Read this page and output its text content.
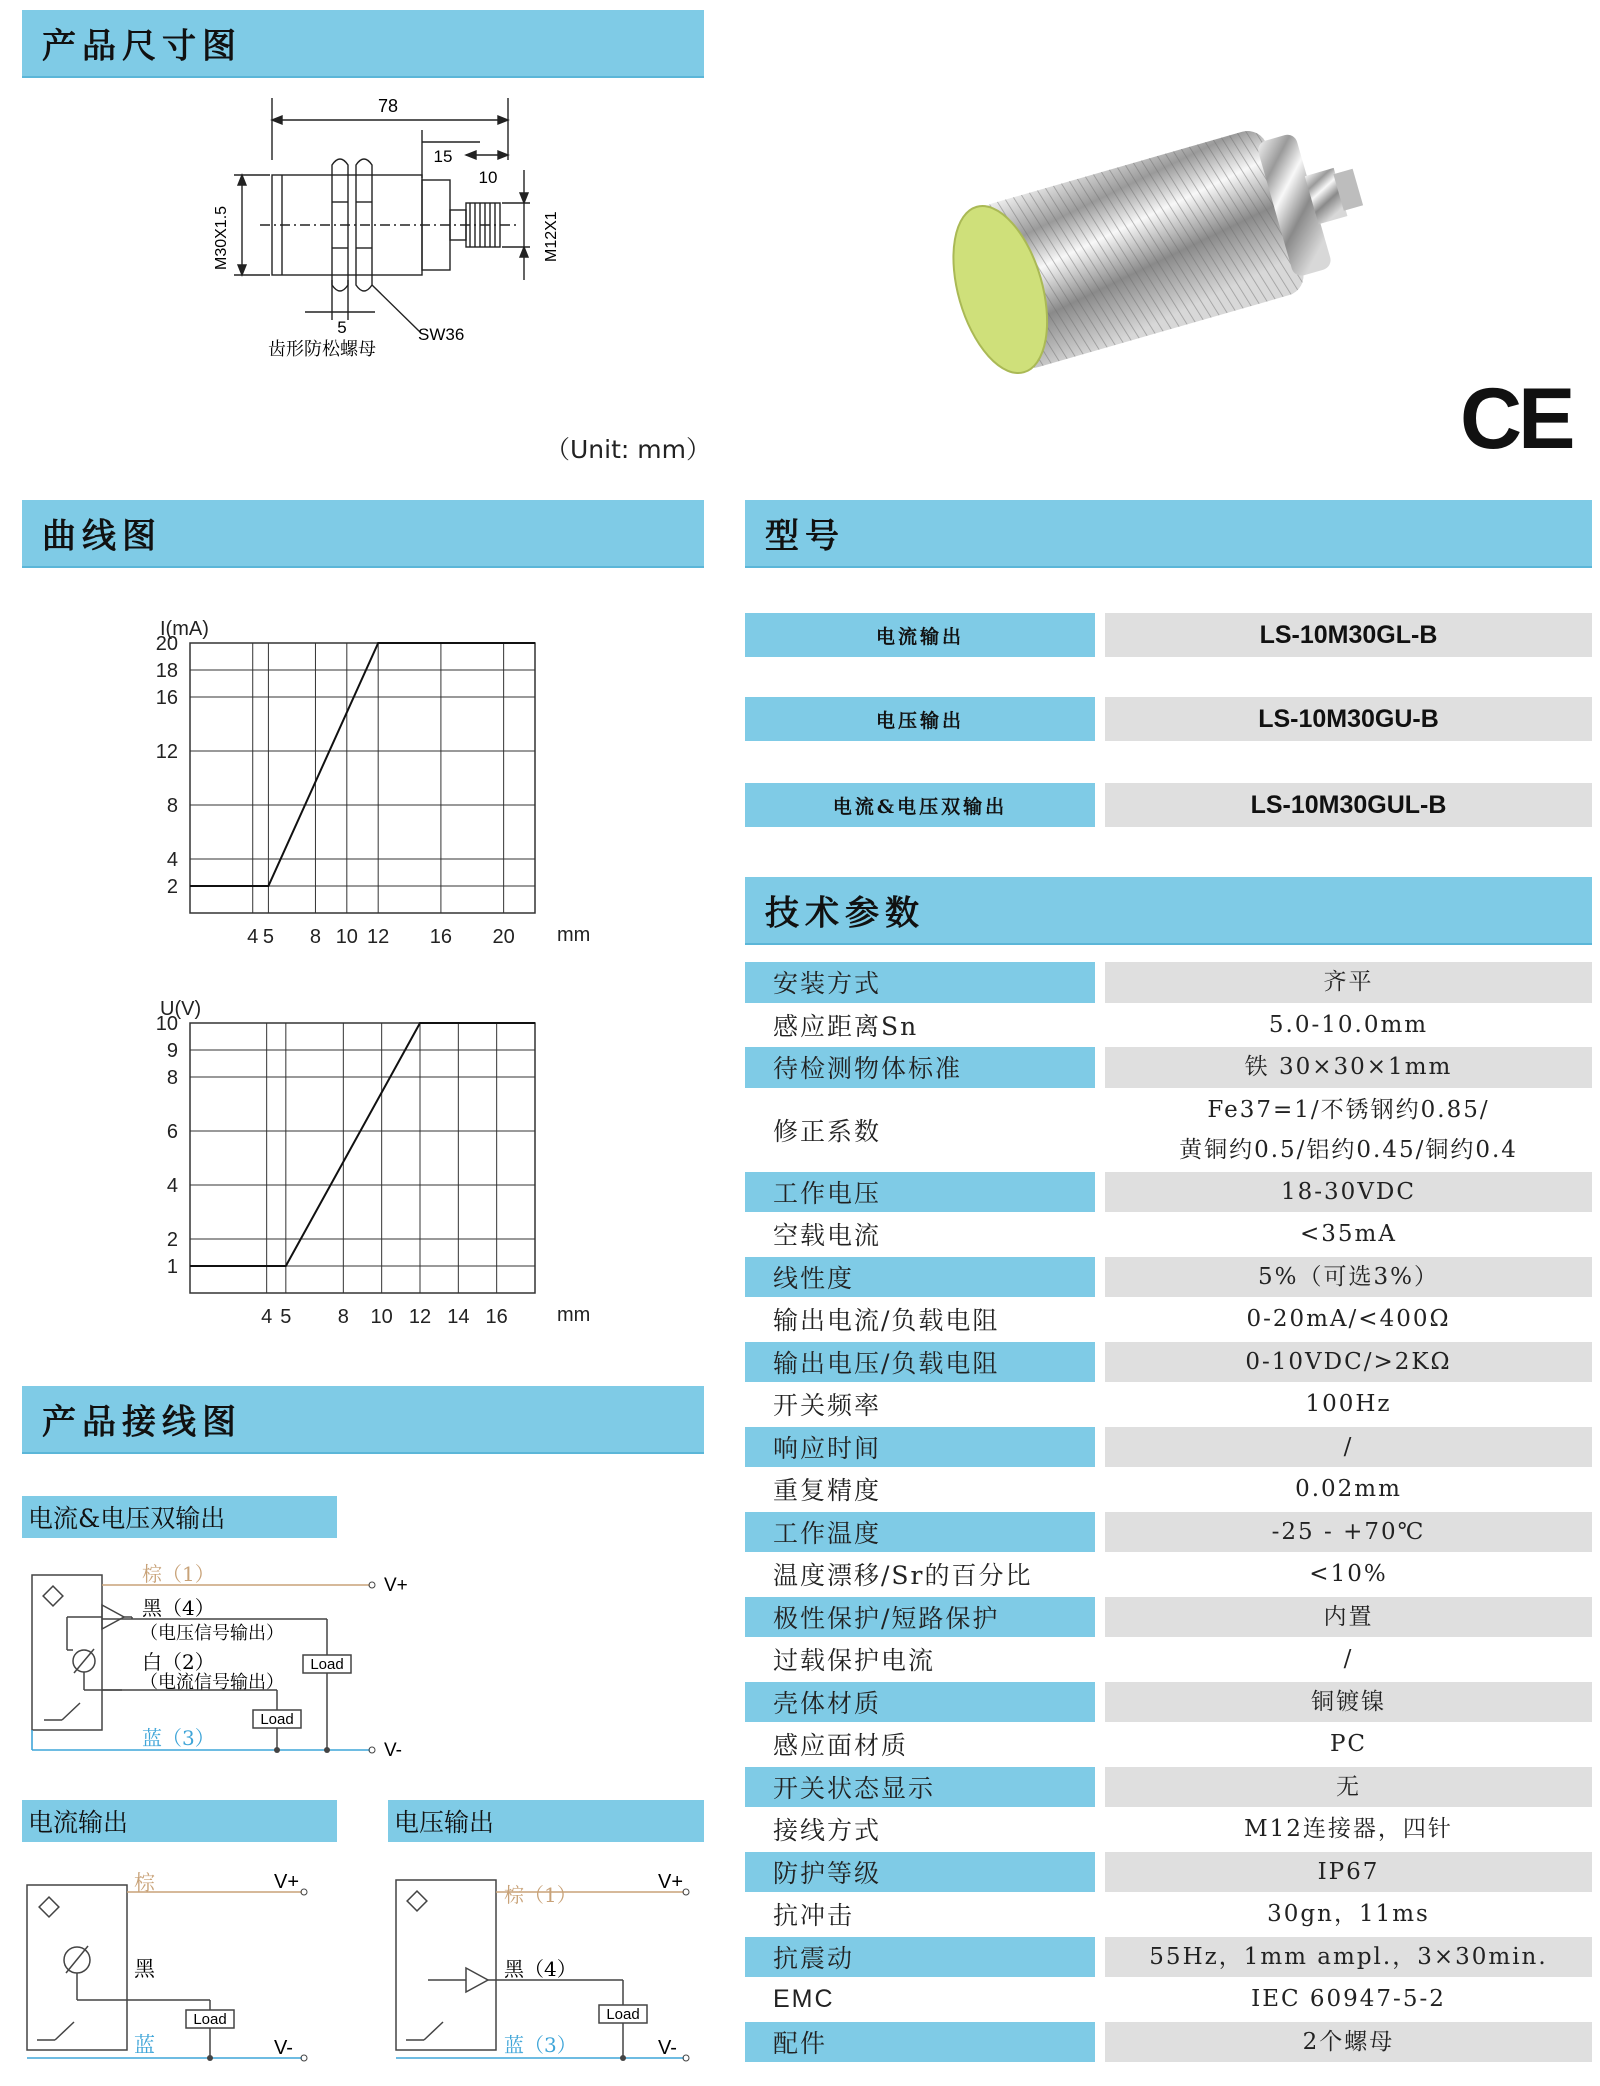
产品尺寸图
曲线图	型号
技术参数
产品接线图
78
15
10
5
M30X1.5	M12X1
SW36
齿形防松螺母
（Unit: mm）	CE
4 5 8 10 12 16 20
2
4
8
12
16
18
20
I(mA)
mm
4 5 8 10 12 14 16
1
2
4
6
8
9
10
U(V)
mm
电流输出	LS-10M30GL-B
电压输出	LS-10M30GU-B
电流&电压双输出	LS-10M30GUL-B
安装方式	齐平
感应距离Sn	5.0-10.0mm
待检测物体标准	铁 30×30×1mm
修正系数
Fe37=1/不锈钢约0.85/
黄铜约0.5/铝约0.45/铜约0.4
工作电压	18-30VDC
空载电流	<35mA
线性度	5%（可选3%）
输出电流/负载电阻	0-20mA/<400Ω
输出电压/负载电阻	0-10VDC/>2KΩ
开关频率	100Hz
响应时间	/
重复精度	0.02mm
工作温度	-25 - +70℃
温度漂移/Sr的百分比	<10%
极性保护/短路保护	内置
过载保护电流	/
壳体材质	铜镀镍
感应面材质	PC
开关状态显示	无
接线方式	M12连接器，四针
防护等级	IP67
抗冲击	30gn，11ms
抗震动	55Hz，1mm ampl.，3×30min.
EMC	IEC 60947-5-2
配件	2个螺母
电流&电压双输出
棕（1）
黑（4）
（电压信号输出）
白（2）
（电流信号输出）
蓝（3）
V+
V-
Load
Load
电流输出
棕
黑
蓝
V+
V-
Load
电压输出
棕（1）
黑（4）
蓝（3）
V+
V-
Load
